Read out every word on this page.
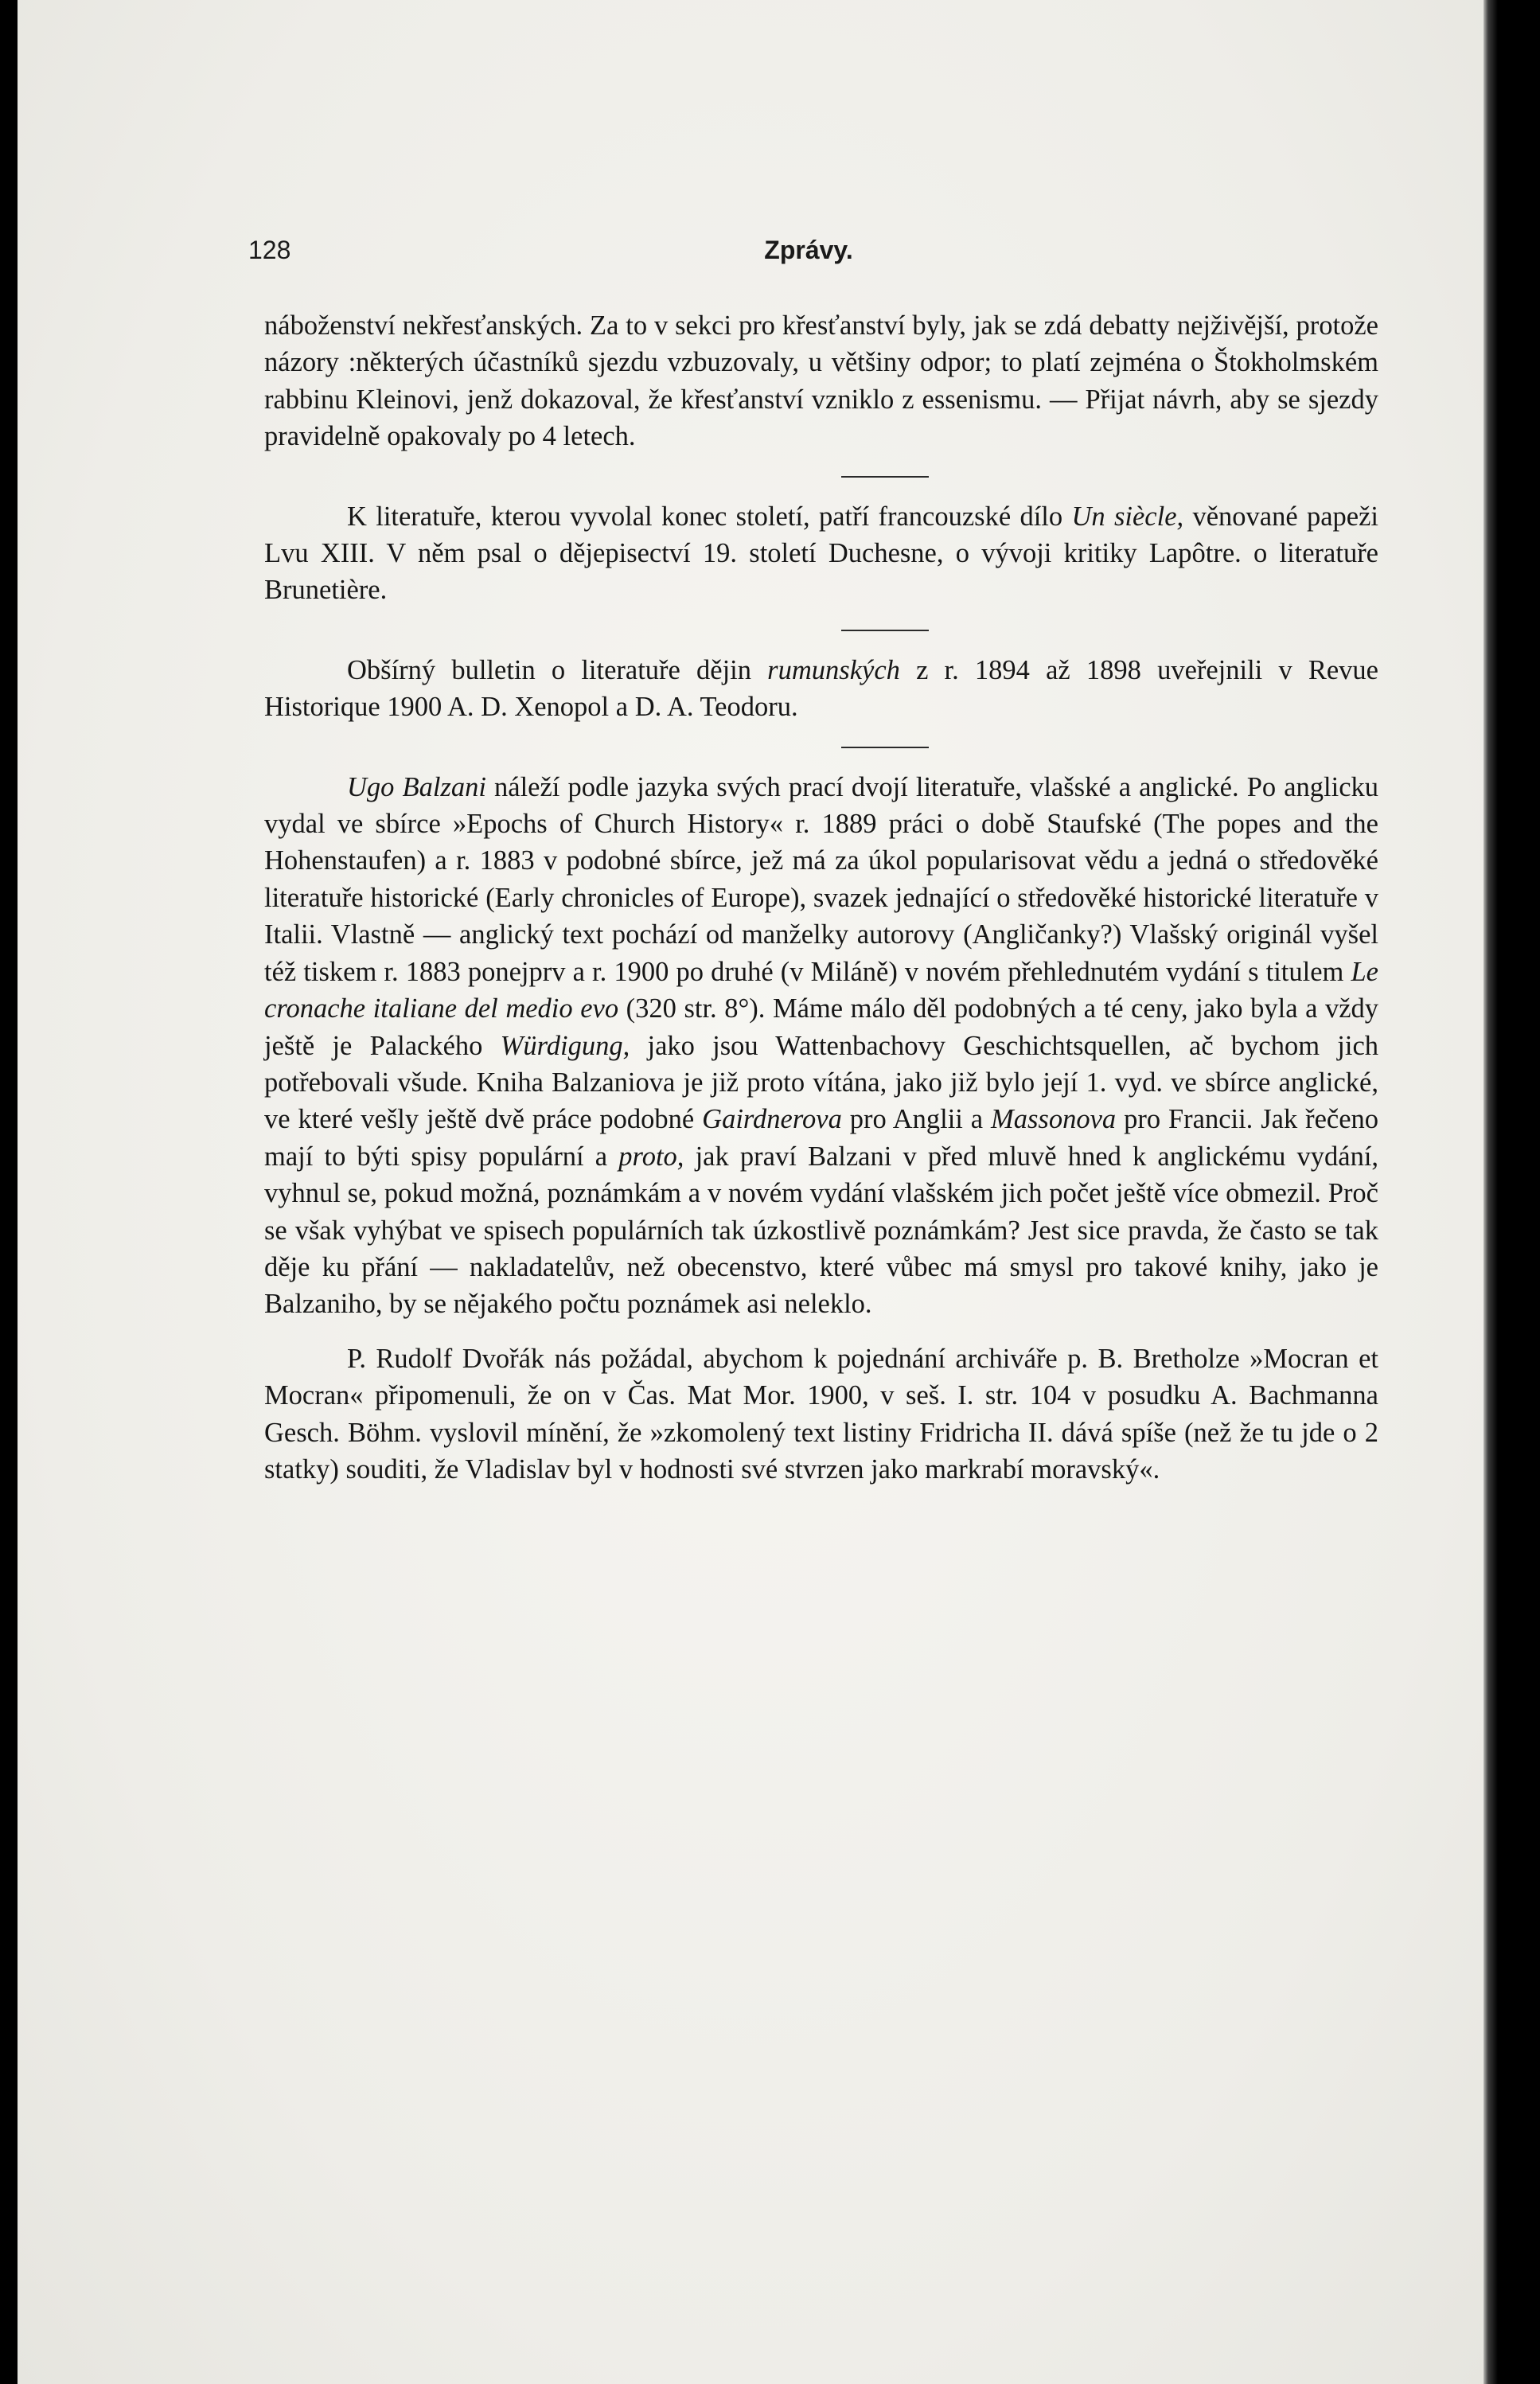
128	Zprávy.

náboženství nekřesťanských. Za to v sekci pro křesťanství byly, jak se zdá debatty nejživější, protože názory :některých účastníků sjezdu vzbuzovaly, u většiny odpor; to platí zejména o Štokholmském rabbinu Kleinovi, jenž dokazoval, že křesťanství vzniklo z essenismu. — Přijat návrh, aby se sjezdy pravidelně opakovaly po 4 letech.

K literatuře, kterou vyvolal konec století, patří francouzské dílo Un siècle, věnované papeži Lvu XIII. V něm psal o dějepisectví 19. století Duchesne, o vývoji kritiky Lapôtre. o literatuře Brunetière.

Obšírný bulletin o literatuře dějin rumunských z r. 1894 až 1898 uveřejnili v Revue Historique 1900 A. D. Xenopol a D. A. Teodoru.

Ugo Balzani náleží podle jazyka svých prací dvojí literatuře, vlašské a anglické. Po anglicku vydal ve sbírce »Epochs of Church History« r. 1889 práci o době Staufské (The popes and the Hohenstaufen) a r. 1883 v podobné sbírce, jež má za úkol popularisovat vědu a jedná o středověké literatuře historické (Early chronicles of Europe), svazek jednající o středověké historické literatuře v Italii. Vlastně — anglický text pochází od manželky autorovy (Angličanky?) Vlašský originál vyšel též tiskem r. 1883 ponejprv a r. 1900 po druhé (v Miláně) v novém přehlednutém vydání s titulem Le cronache italiane del medio evo (320 str. 8°). Máme málo děl podobných a té ceny, jako byla a vždy ještě je Palackého Würdigung, jako jsou Wattenbachovy Geschichtsquellen, ač bychom jich potřebovali všude. Kniha Balzaniova je již proto vítána, jako již bylo její 1. vyd. ve sbírce anglické, ve které vešly ještě dvě práce podobné Gairdnerova pro Anglii a Massonova pro Francii. Jak řečeno mají to býti spisy populární a proto, jak praví Balzani v před mluvě hned k anglickému vydání, vyhnul se, pokud možná, poznámkám a v novém vydání vlašském jich počet ještě více obmezil. Proč se však vyhýbat ve spisech populárních tak úzkostlivě poznámkám? Jest sice pravda, že často se tak děje ku přání — nakladatelův, než obecenstvo, které vůbec má smysl pro takové knihy, jako je Balzaniho, by se nějakého počtu poznámek asi neleklo.

P. Rudolf Dvořák nás požádal, abychom k pojednání archiváře p. B. Bretholze »Mocran et Mocran« připomenuli, že on v Čas. Mat Mor. 1900, v seš. I. str. 104 v posudku A. Bachmanna Gesch. Böhm. vyslovil mínění, že »zkomolený text listiny Fridricha II. dává spíše (než že tu jde o 2 statky) souditi, že Vladislav byl v hodnosti své stvrzen jako markrabí moravský«.
